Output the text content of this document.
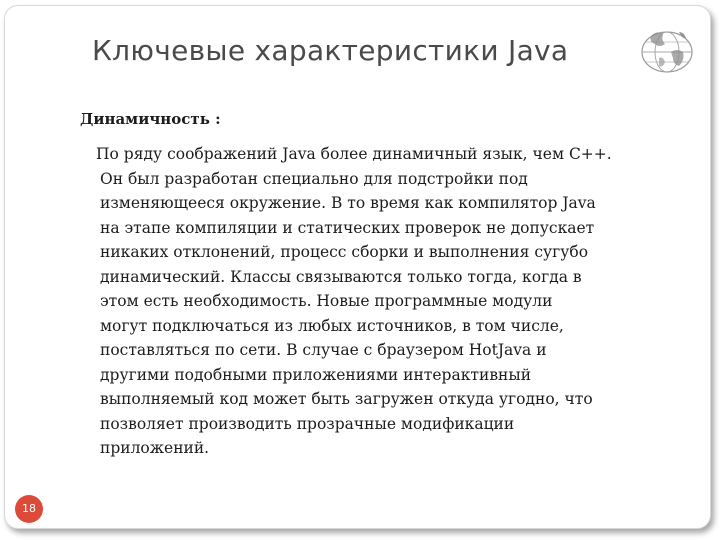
Ключевые характеристики Java
Динамичность :
По ряду соображений Java более динамичный язык, чем C++.
Он был разработан специально для подстройки под
изменяющееся окружение. В то время как компилятор Java
на этапе компиляции и статических проверок не допускает
никаких отклонений, процесс сборки и выполнения сугубо
динамический. Классы связываются только тогда, когда в
этом есть необходимость. Новые программные модули
могут подключаться из любых источников, в том числе,
поставляться по сети. В случае с браузером HotJava и
другими подобными приложениями интерактивный
выполняемый код может быть загружен откуда угодно, что
позволяет производить прозрачные модификации
приложений.
18
